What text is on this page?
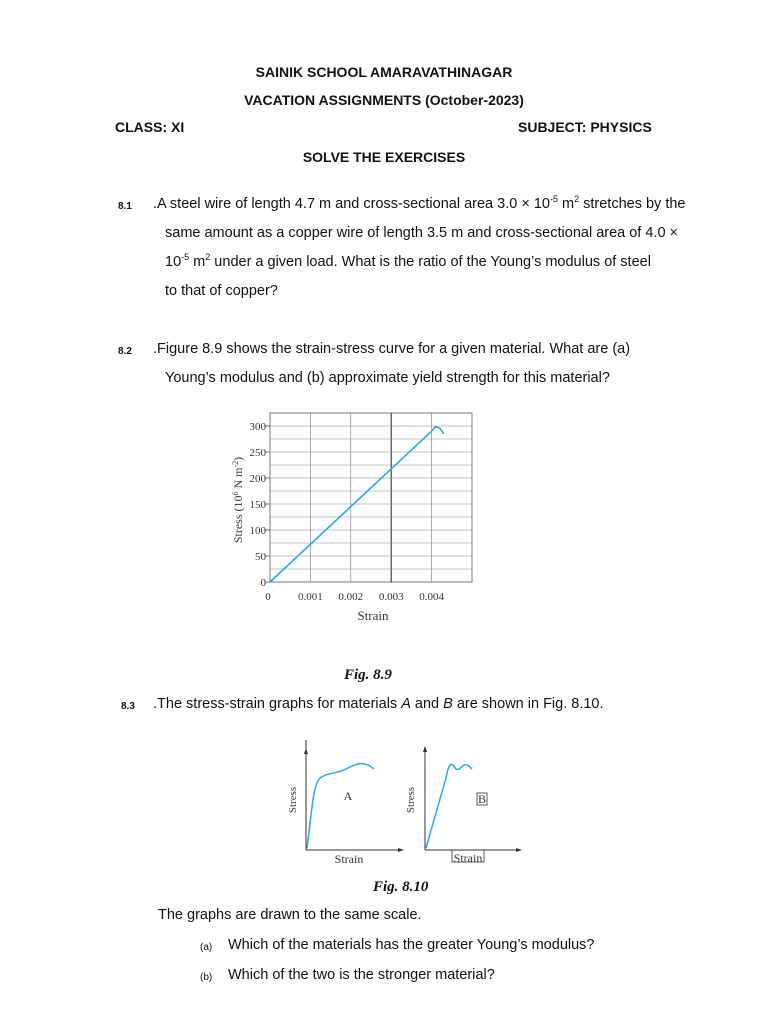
SAINIK SCHOOL AMARAVATHINAGAR
VACATION ASSIGNMENTS (October-2023)
CLASS: XI	SUBJECT: PHYSICS
SOLVE THE EXERCISES
8.1 .A steel wire of length 4.7 m and cross-sectional area $3.0 \times 10^{-5}$ $m^2$ stretches by the
same amount as a copper wire of length 3.5 m and cross-sectional area of 4.0 ×
$10^{-5}$ $m^2$ under a given load. What is the ratio of the Young’s modulus of steel
to that of copper?
8.2 .Figure 8.9 shows the strain-stress curve for a given material. What are (a)
Young’s modulus and (b) approximate yield strength for this material?
0
50
100
150
200
250
300
0 0.001 0.002 0.003 0.004
Strain
Stress ($10^6$ N $m^{-2}$)
Fig. 8.9
8.3 .The stress-strain graphs for materials A and B are shown in Fig. 8.10.
Stress
Strain
A	Stress
Strain
B
Fig. 8.10
The graphs are drawn to the same scale.
(a) Which of the materials has the greater Young’s modulus?
(b) Which of the two is the stronger material?
